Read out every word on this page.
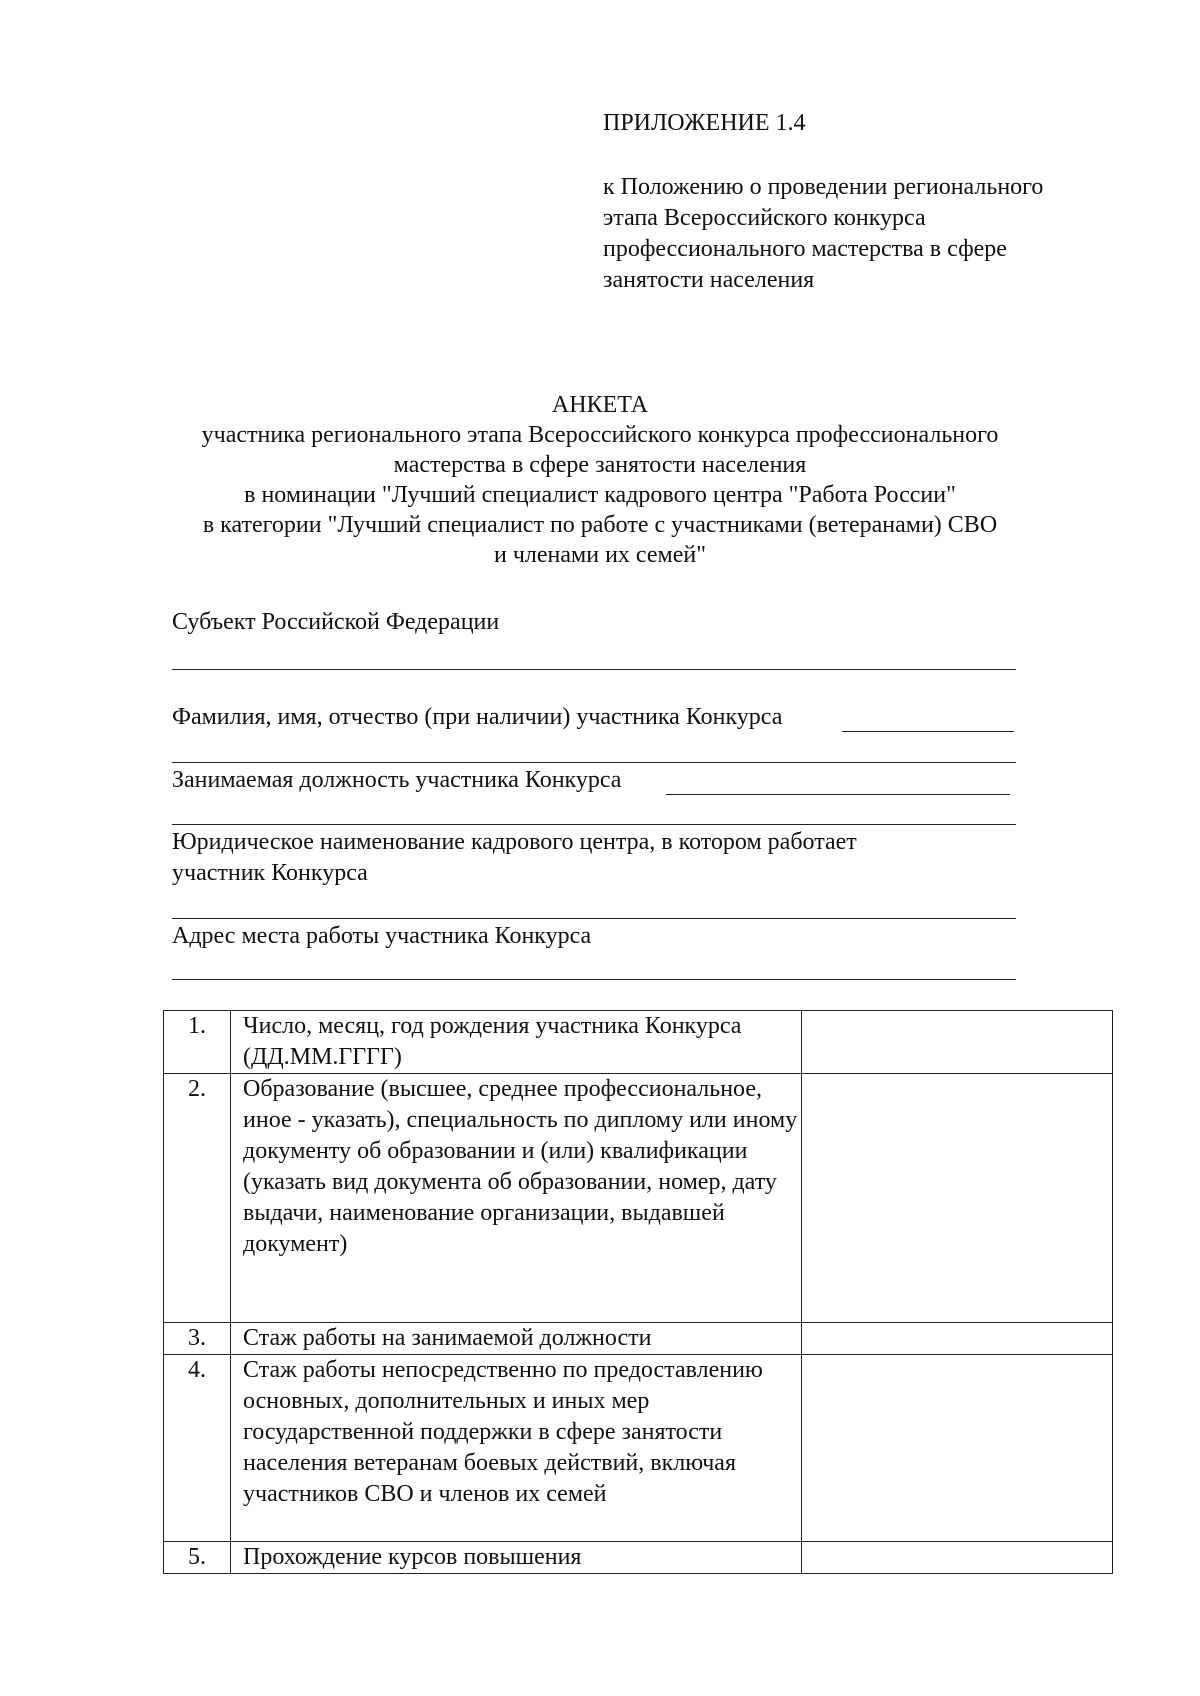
ПРИЛОЖЕНИЕ 1.4
к Положению о проведении регионального этапа Всероссийского конкурса профессионального мастерства в сфере занятости населения
АНКЕТА
участника регионального этапа Всероссийского конкурса профессионального
мастерства в сфере занятости населения
в номинации "Лучший специалист кадрового центра "Работа России"
в категории "Лучший специалист по работе с участниками (ветеранами) СВО
и членами их семей"
Субъект Российской Федерации
Фамилия, имя, отчество (при наличии) участника Конкурса
Занимаемая должность участника Конкурса
Юридическое наименование кадрового центра, в котором работает
участник Конкурса
Адрес места работы участника Конкурса
1.	Число, месяц, год рождения участника Конкурса (ДД.ММ.ГГГГ)	
2.	Образование (высшее, среднее профессиональное, иное - указать), специальность по диплому или иному документу об образовании и (или) квалификации (указать вид документа об образовании, номер, дату выдачи, наименование организации, выдавшей документ)	
3.	Стаж работы на занимаемой должности	
4.	Стаж работы непосредственно по предоставлению основных, дополнительных и иных мер государственной поддержки в сфере занятости населения ветеранам боевых действий, включая участников СВО и членов их семей	
5.	Прохождение курсов повышения	
